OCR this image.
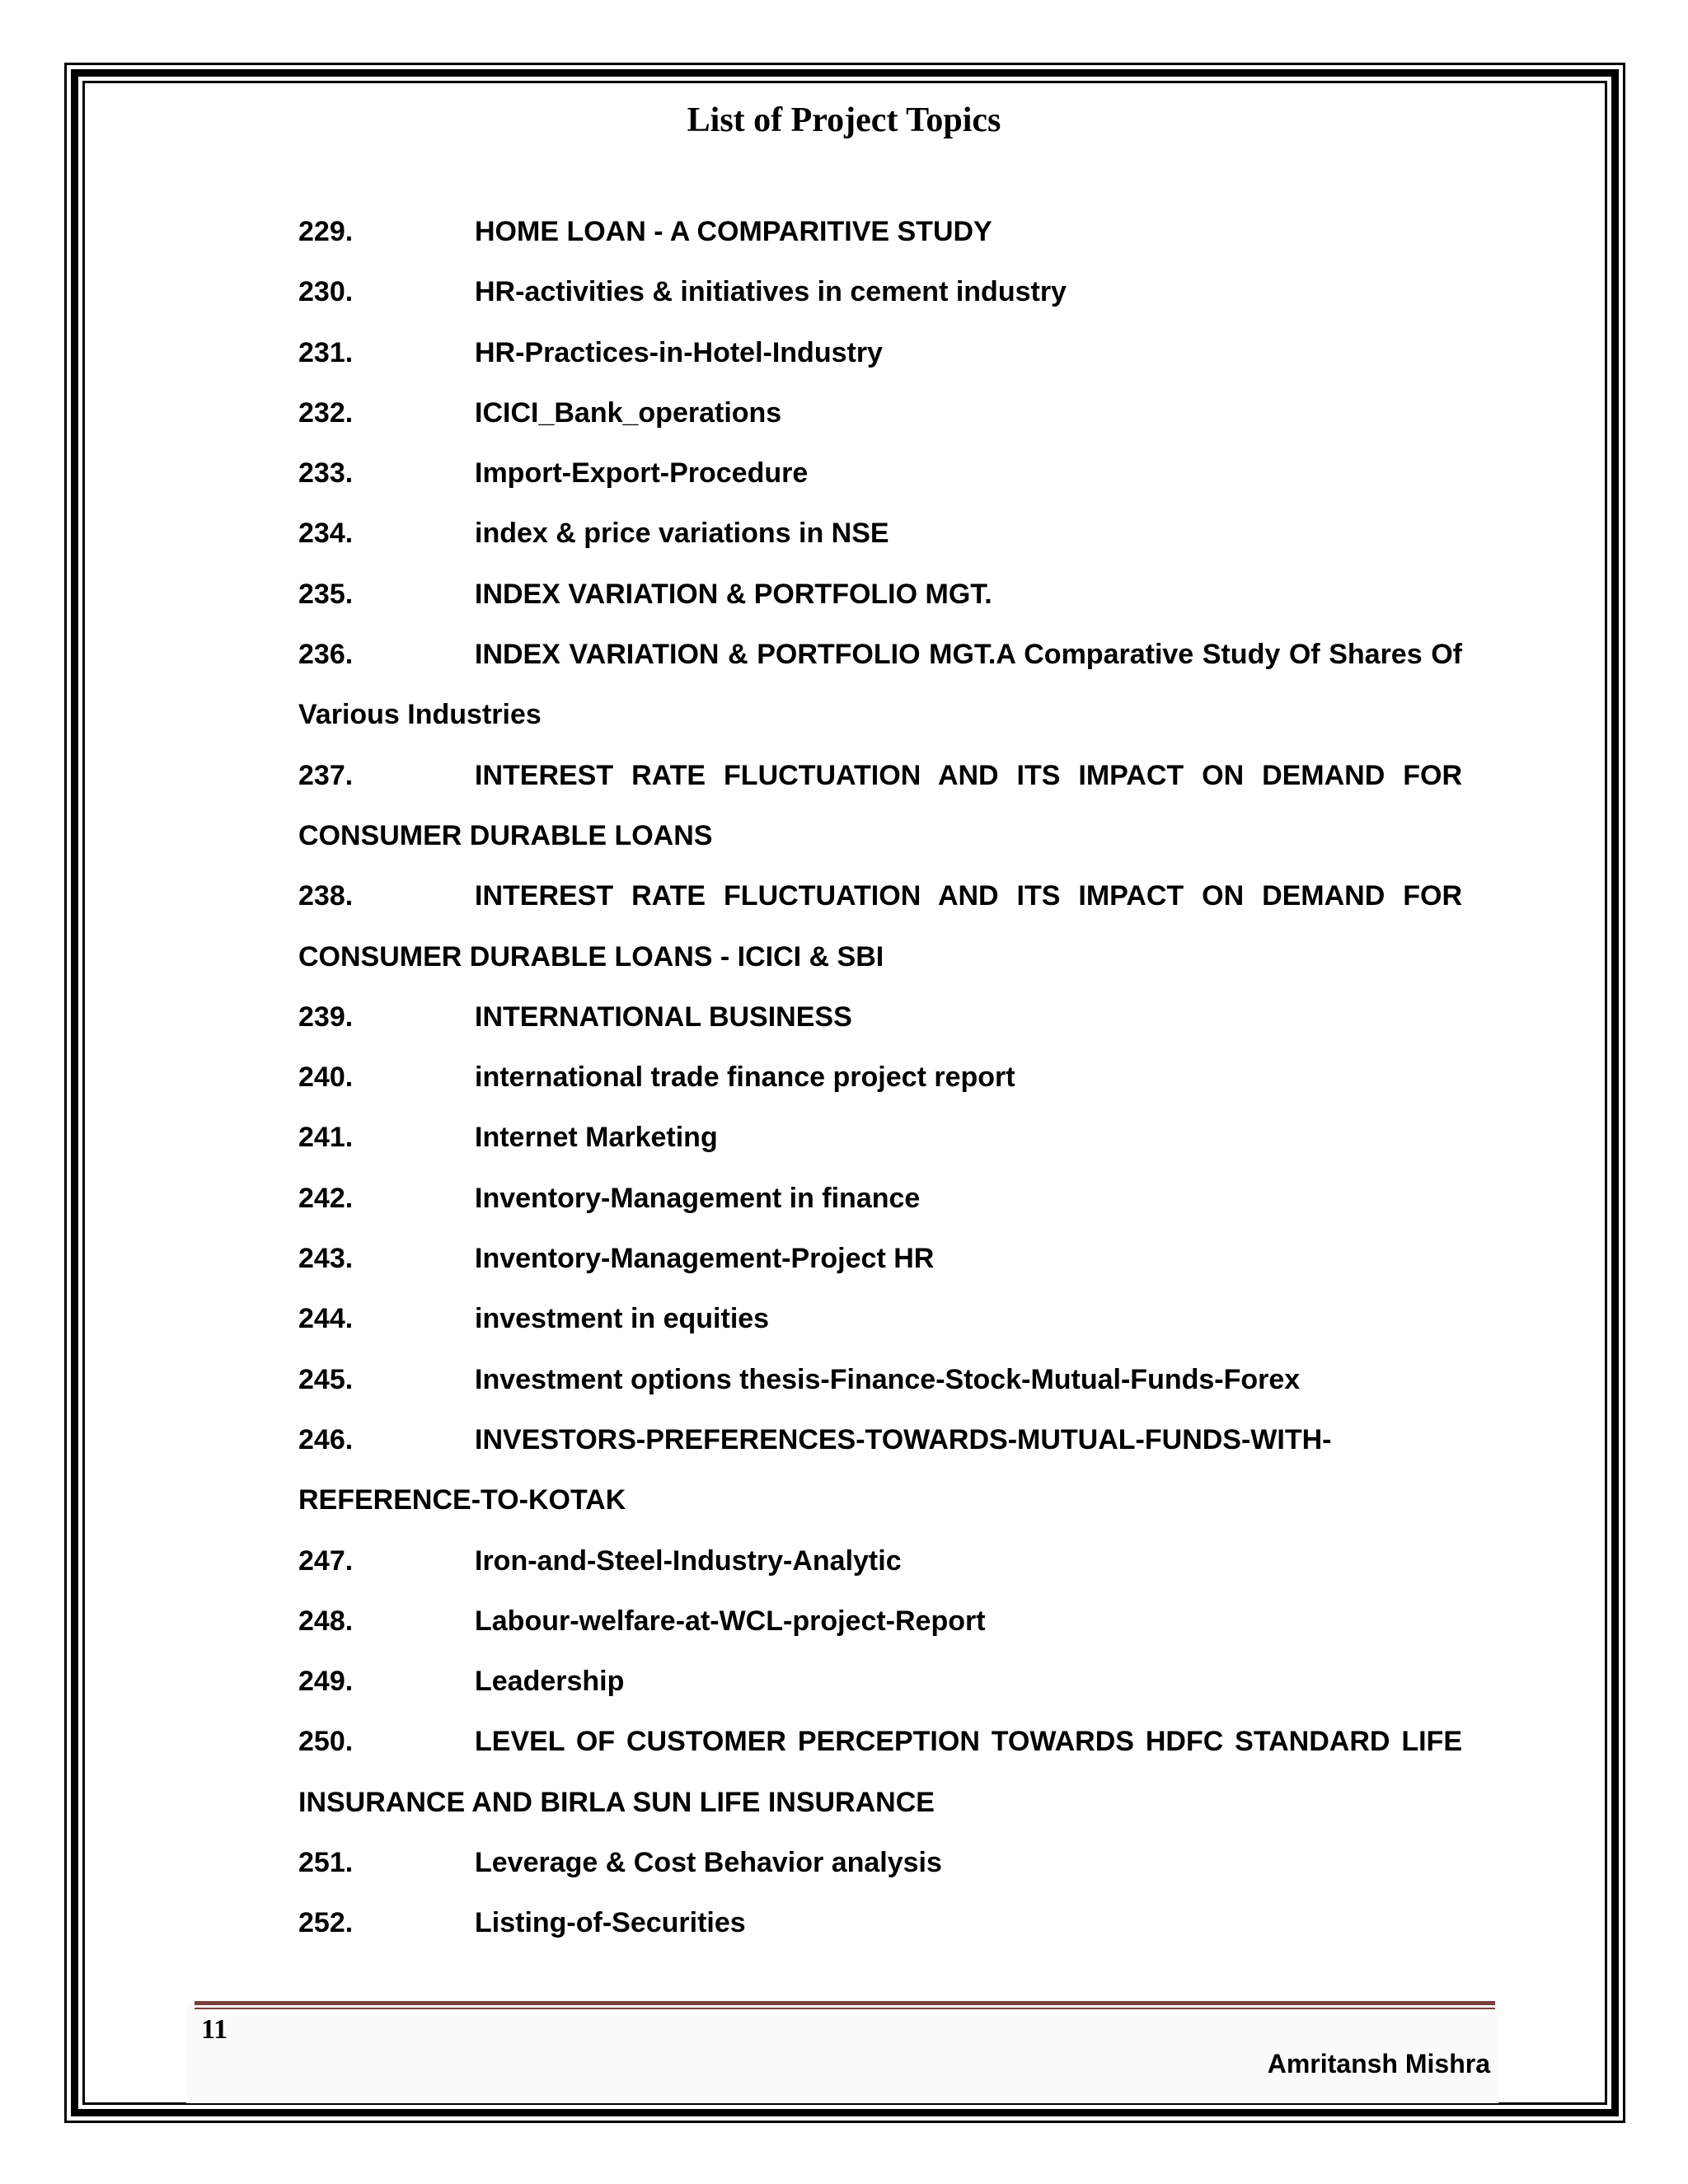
List of Project Topics
229.	HOME LOAN - A COMPARITIVE STUDY
230.	HR-activities & initiatives in cement industry
231.	HR-Practices-in-Hotel-Industry
232.	ICICI_Bank_operations
233.	Import-Export-Procedure
234.	index & price variations in NSE
235.	INDEX VARIATION & PORTFOLIO MGT.
236.	INDEX VARIATION & PORTFOLIO MGT.A Comparative Study Of Shares Of Various Industries
237.	INTEREST RATE FLUCTUATION AND ITS IMPACT ON DEMAND FOR CONSUMER DURABLE LOANS
238.	INTEREST RATE FLUCTUATION AND ITS IMPACT ON DEMAND FOR CONSUMER DURABLE LOANS - ICICI & SBI
239.	INTERNATIONAL BUSINESS
240.	international trade finance project report
241.	Internet Marketing
242.	Inventory-Management in finance
243.	Inventory-Management-Project HR
244.	investment in equities
245.	Investment options thesis-Finance-Stock-Mutual-Funds-Forex
246.	INVESTORS-PREFERENCES-TOWARDS-MUTUAL-FUNDS-WITH-REFERENCE-TO-KOTAK
247.	Iron-and-Steel-Industry-Analytic
248.	Labour-welfare-at-WCL-project-Report
249.	Leadership
250.	LEVEL OF CUSTOMER PERCEPTION TOWARDS HDFC STANDARD LIFE INSURANCE AND BIRLA SUN LIFE INSURANCE
251.	Leverage & Cost Behavior analysis
252.	Listing-of-Securities
11
Amritansh Mishra
